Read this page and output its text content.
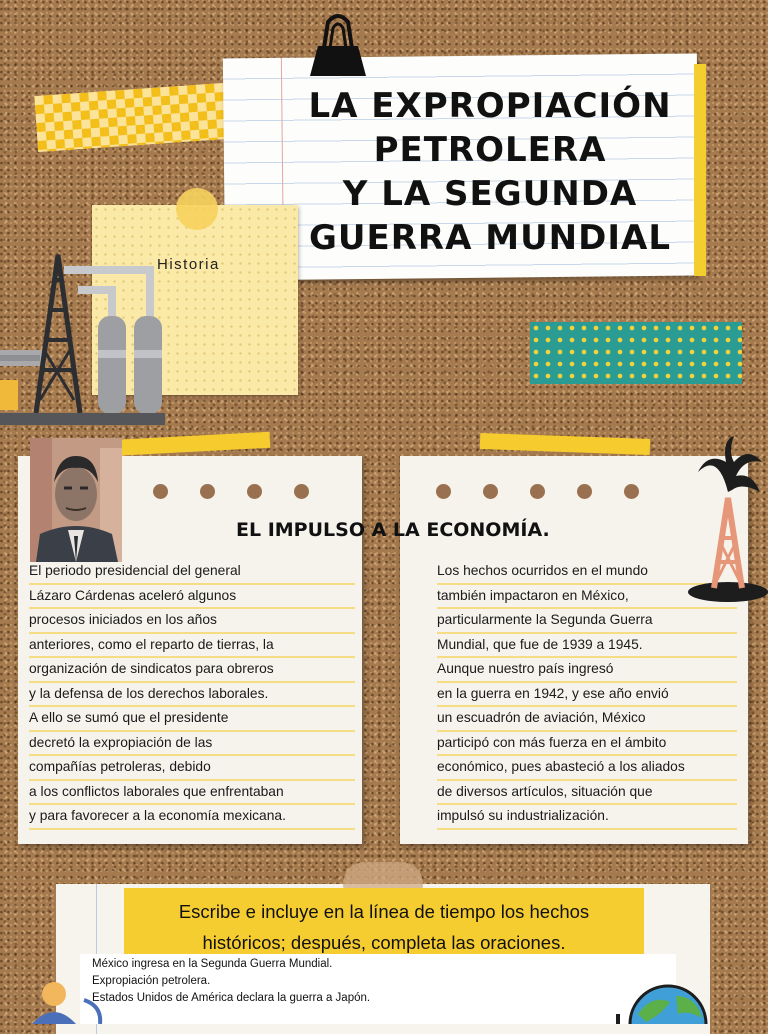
LA EXPROPIACIÓN
PETROLERA
Y LA SEGUNDA
GUERRA MUNDIAL
Historia
EL IMPULSO A LA ECONOMÍA.
El periodo presidencial del general
Lázaro Cárdenas aceleró algunos
procesos iniciados en los años
anteriores, como el reparto de tierras, la
organización de sindicatos para obreros
y la defensa de los derechos laborales.
A ello se sumó que el presidente
decretó la expropiación de las
compañías petroleras, debido
a los conflictos laborales que enfrentaban
y para favorecer a la economía mexicana.
Los hechos ocurridos en el mundo
también impactaron en México,
particularmente la Segunda Guerra
Mundial, que fue de 1939 a 1945.
Aunque nuestro país ingresó
en la guerra en 1942, y ese año envió
un escuadrón de aviación, México
participó con más fuerza en el ámbito
económico, pues abasteció a los aliados
de diversos artículos, situación que
impulsó su industrialización.
Escribe e incluye en la línea de tiempo los hechos
históricos; después, completa las oraciones.
México ingresa en la Segunda Guerra Mundial.
Expropiación petrolera.
Estados Unidos de América declara la guerra a Japón.
